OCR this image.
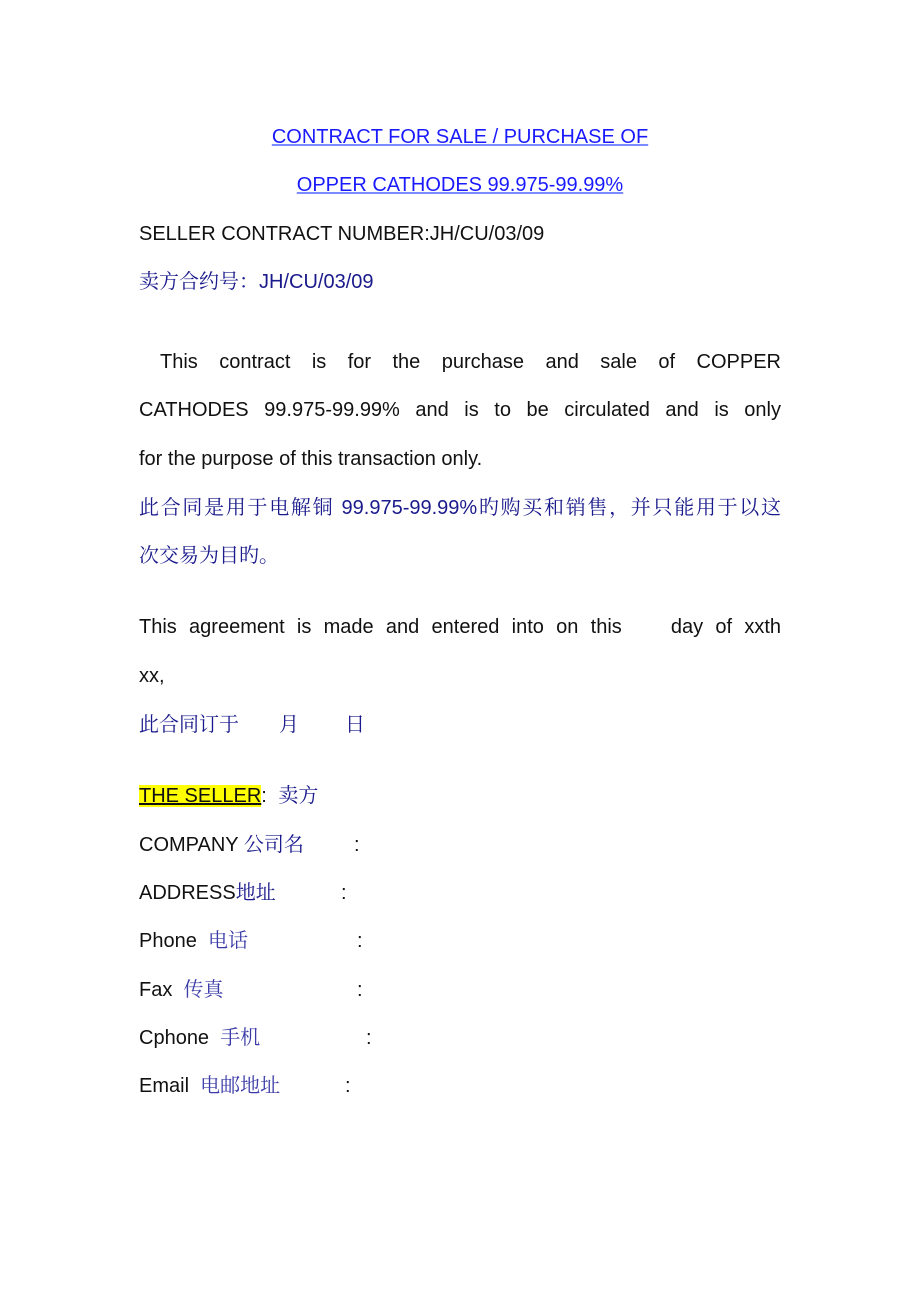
CONTRACT FOR SALE / PURCHASE OF
OPPER CATHODES 99.975-99.99%
SELLER CONTRACT NUMBER:JH/CU/03/09
卖方合约号：JH/CU/03/09
This contract is for the purchase and sale of COPPER
CATHODES 99.975-99.99% and is to be circulated and is only
for the purpose of this transaction only.
此合同是用于电解铜 99.975-99.99%旳购买和销售，并只能用于以这
次交易为目旳。
This agreement is made and entered into on this    day of xxth
xx,
此合同订于 月 日
THE SELLER: 卖方
COMPANY 公司名	:
ADDRESS地址	:
Phone 电话	:
Fax 传真	:
Cphone 手机	:
Email 电邮地址	:
